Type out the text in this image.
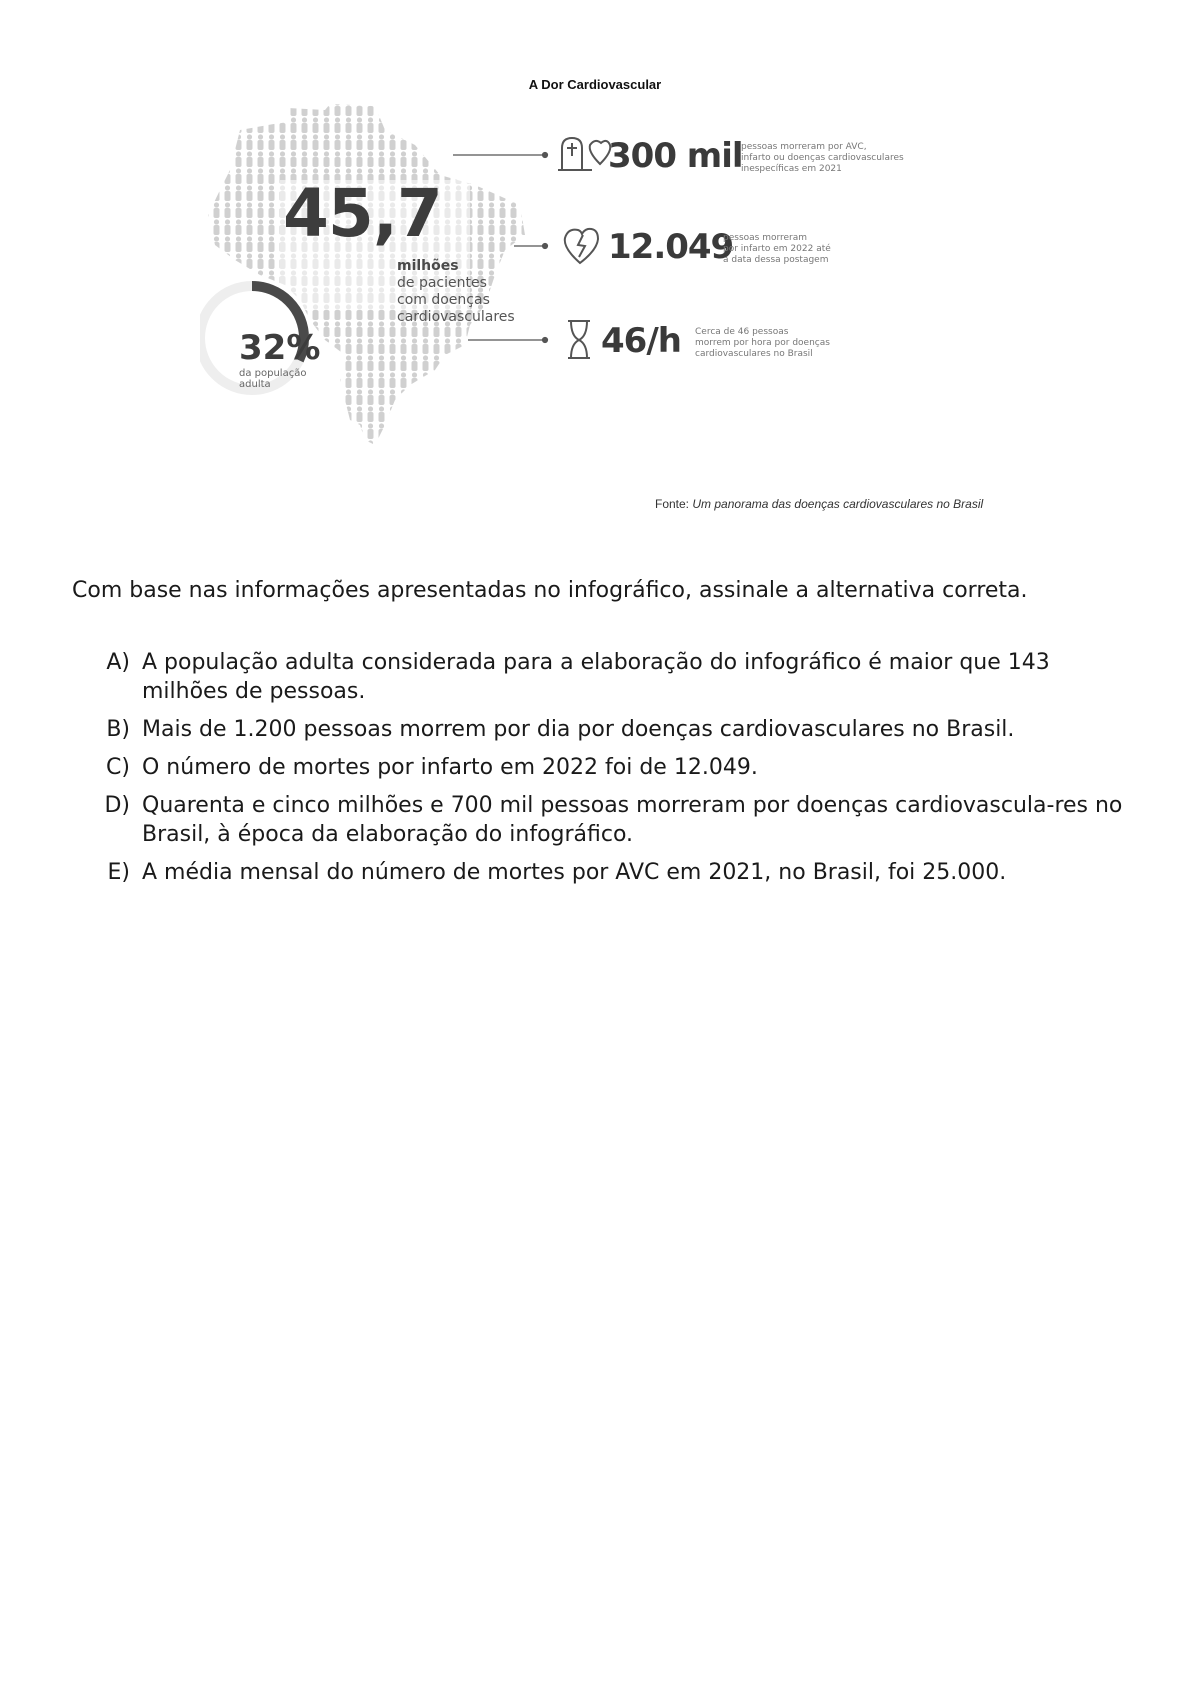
A Dor Cardiovascular
45,7
milhões
de pacientes
com doenças
cardiovasculares
32%
da população
adulta
300 mil
pessoas morreram por AVC,
infarto ou doenças cardiovasculares
inespecíficas em 2021
12.049
pessoas morreram
por infarto em 2022 até
a data dessa postagem
46/h Cerca de 46 pessoas
morrem por hora por doenças
cardiovasculares no Brasil
Fonte: Um panorama das doenças cardiovasculares no Brasil
Com base nas informações apresentadas no infográfico, assinale a alternativa correta.
A) A população adulta considerada para a elaboração do infográfico é maior que 143 milhões de pessoas.
B) Mais de 1.200 pessoas morrem por dia por doenças cardiovasculares no Brasil.
C) O número de mortes por infarto em 2022 foi de 12.049.
D) Quarenta e cinco milhões e 700 mil pessoas morreram por doenças cardiovascula-res no Brasil, à época da elaboração do infográfico.
E) A média mensal do número de mortes por AVC em 2021, no Brasil, foi 25.000.
